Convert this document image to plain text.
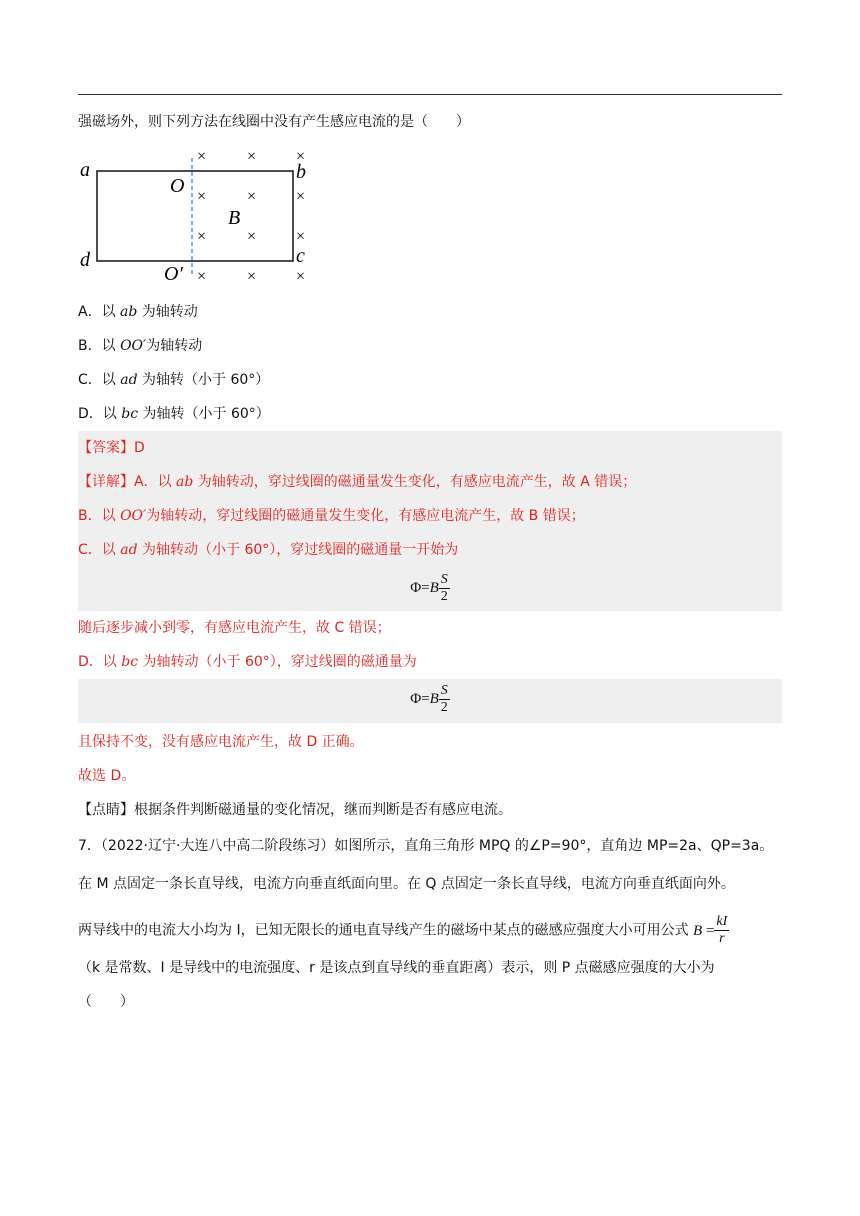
强磁场外，则下列方法在线圈中没有产生感应电流的是（　　）
a	b
c
d
O
O′
B
×	× ×
×	× ×
×	× ×
×	× ×
A．以 ab 为轴转动
B．以 OO′为轴转动
C．以 ad 为轴转（小于 60°）
D．以 bc 为轴转（小于 60°）
【答案】D
【详解】A．以 ab 为轴转动，穿过线圈的磁通量发生变化，有感应电流产生，故 A 错误；
B．以 OO′为轴转动，穿过线圈的磁通量发生变化，有感应电流产生，故 B 错误；
C．以 ad 为轴转动（小于 60°），穿过线圈的磁通量一开始为
$\Phi=B \frac{S}{2}$
随后逐步减小到零，有感应电流产生，故 C 错误；
D．以 bc 为轴转动（小于 60°），穿过线圈的磁通量为
$\Phi=B \frac{S}{2}$
且保持不变，没有感应电流产生，故 D 正确。
故选 D。
【点睛】根据条件判断磁通量的变化情况，继而判断是否有感应电流。
7．（2022·辽宁·大连八中高二阶段练习）如图所示，直角三角形 MPQ 的∠P=90°，直角边 MP=2a、QP=3a。
在 M 点固定一条长直导线，电流方向垂直纸面向里。在 Q 点固定一条长直导线，电流方向垂直纸面向外。
两导线中的电流大小均为 I，已知无限长的通电直导线产生的磁场中某点的磁感应强度大小可用公式 $B = \frac{kI}{r}$
（k 是常数、I 是导线中的电流强度、r 是该点到直导线的垂直距离）表示，则 P 点磁感应强度的大小为
（　　）
